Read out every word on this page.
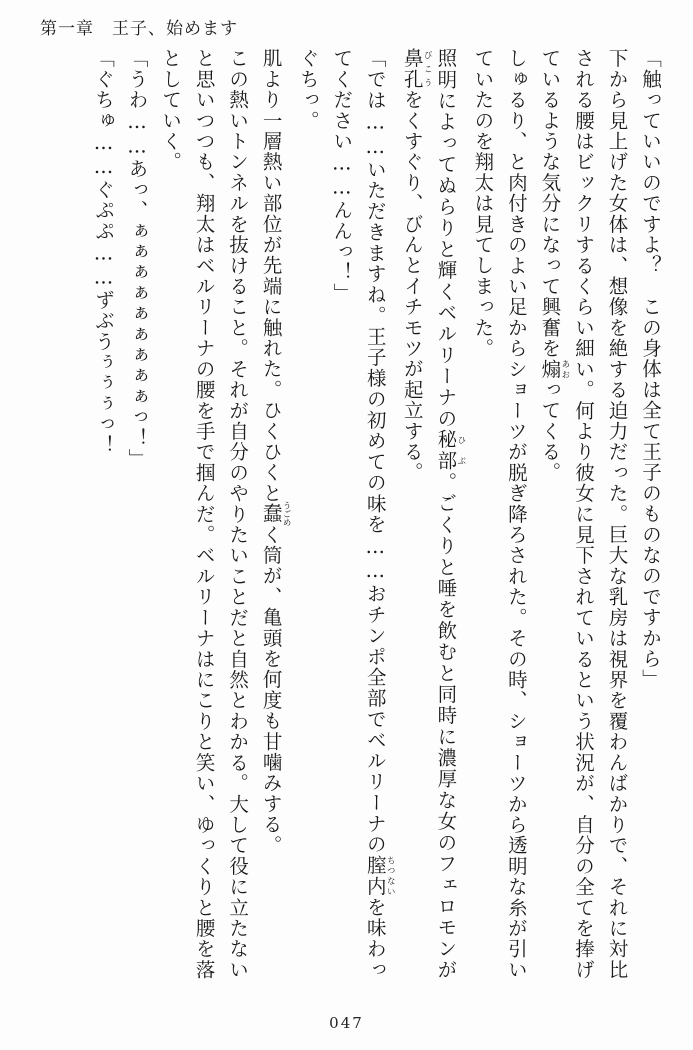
第一章 王子、始めます

「触っていいのですよ？　この身体は全て王子のものなのですから」

下から見上げた女体は、想像を絶する迫力だった。巨大な乳房は視界を覆わんばかりで、それに対比される腰はビックリするくらい細い。何より彼女に見下されているという状況が、自分の全てを捧げているような気分になって興奮を煽あおってくる。

しゅるり、と肉付きのよい足からショーツが脱ぎ降ろされた。その時、ショーツから透明な糸が引いていたのを翔太は見てしまった。

照明によってぬらりと輝くベルリーナの秘部ひぶ。ごくりと唾を飲むと同時に濃厚な女のフェロモンが鼻孔びこうをくすぐり、びんとイチモツが起立する。

「では……いただきますね。王子様の初めての味を……おチンポ全部でベルリーナの膣内ちつないを味わってください……んんっ！」

ぐちっ。

肌より一層熱い部位が先端に触れた。ひくひくと蠢うごめく筒が、亀頭を何度も甘噛みする。

この熱いトンネルを抜けること。それが自分のやりたいことだと自然とわかる。大して役に立たないと思いつつも、翔太はベルリーナの腰を手で掴んだ。ベルリーナはにこりと笑い、ゆっくりと腰を落としていく。

「うわ……あっ、ぁぁぁぁぁぁぁぁぁっ！」

「ぐちゅ……ぐぷぷ……ずぶうぅぅぅっ！

047
